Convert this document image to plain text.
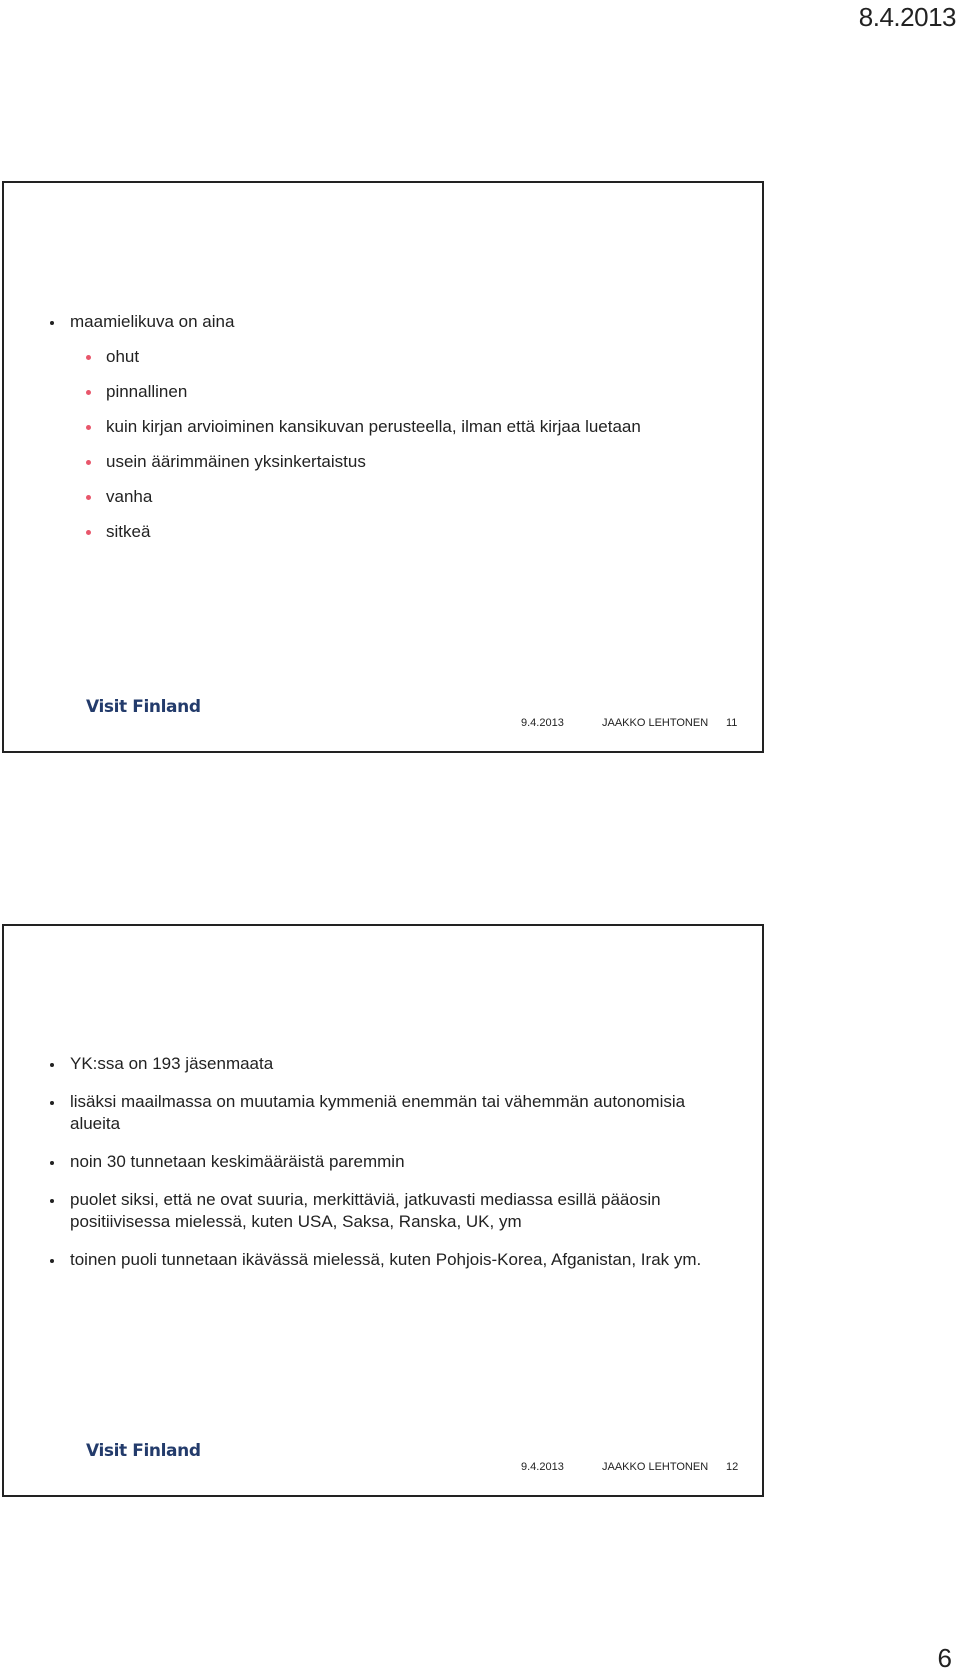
8.4.2013
maamielikuva on aina
ohut
pinnallinen
kuin kirjan arvioiminen kansikuvan perusteella, ilman että kirjaa luetaan
usein äärimmäinen yksinkertaistus
vanha
sitkeä
Visit Finland
9.4.2013	JAAKKO LEHTONEN 11
YK:ssa on 193 jäsenmaata
lisäksi maailmassa on muutamia kymmeniä enemmän tai vähemmän autonomisia alueita
noin 30 tunnetaan keskimääräistä paremmin
puolet siksi, että ne ovat suuria, merkittäviä, jatkuvasti mediassa esillä pääosin positiivisessa mielessä, kuten USA, Saksa, Ranska, UK, ym
toinen puoli tunnetaan ikävässä mielessä, kuten Pohjois-Korea, Afganistan, Irak ym.
Visit Finland
9.4.2013	JAAKKO LEHTONEN 12
6
